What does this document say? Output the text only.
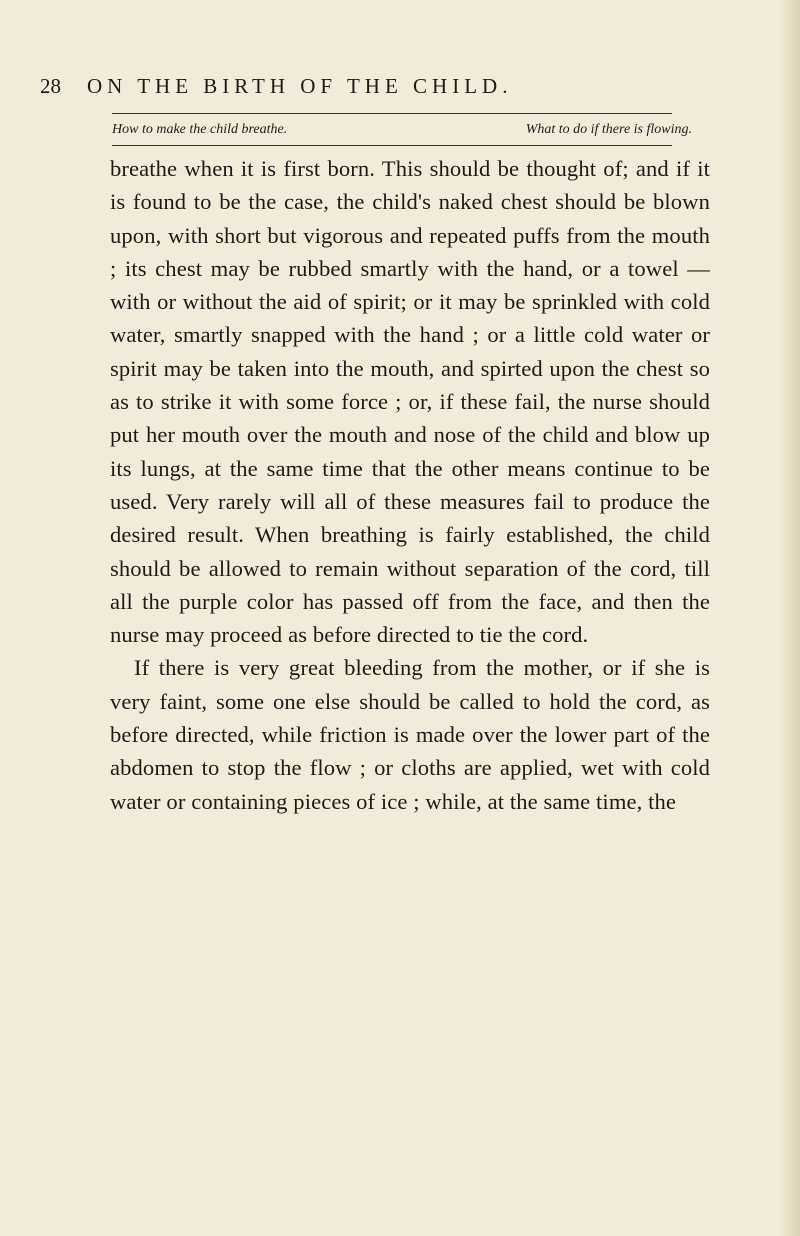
28 ON THE BIRTH OF THE CHILD.
How to make the child breathe.	What to do if there is flowing.

breathe when it is first born. This should be thought of; and if it is found to be the case, the child's naked chest should be blown upon, with short but vigorous and repeated puffs from the mouth ; its chest may be rubbed smartly with the hand, or a towel — with or without the aid of spirit; or it may be sprinkled with cold water, smartly snapped with the hand ; or a little cold water or spirit may be taken into the mouth, and spirted upon the chest so as to strike it with some force ; or, if these fail, the nurse should put her mouth over the mouth and nose of the child and blow up its lungs, at the same time that the other means continue to be used. Very rarely will all of these measures fail to produce the desired result. When breathing is fairly established, the child should be allowed to remain without separation of the cord, till all the purple color has passed off from the face, and then the nurse may proceed as before directed to tie the cord.

If there is very great bleeding from the mother, or if she is very faint, some one else should be called to hold the cord, as before directed, while friction is made over the lower part of the abdomen to stop the flow ; or cloths are applied, wet with cold water or containing pieces of ice ; while, at the same time, the
